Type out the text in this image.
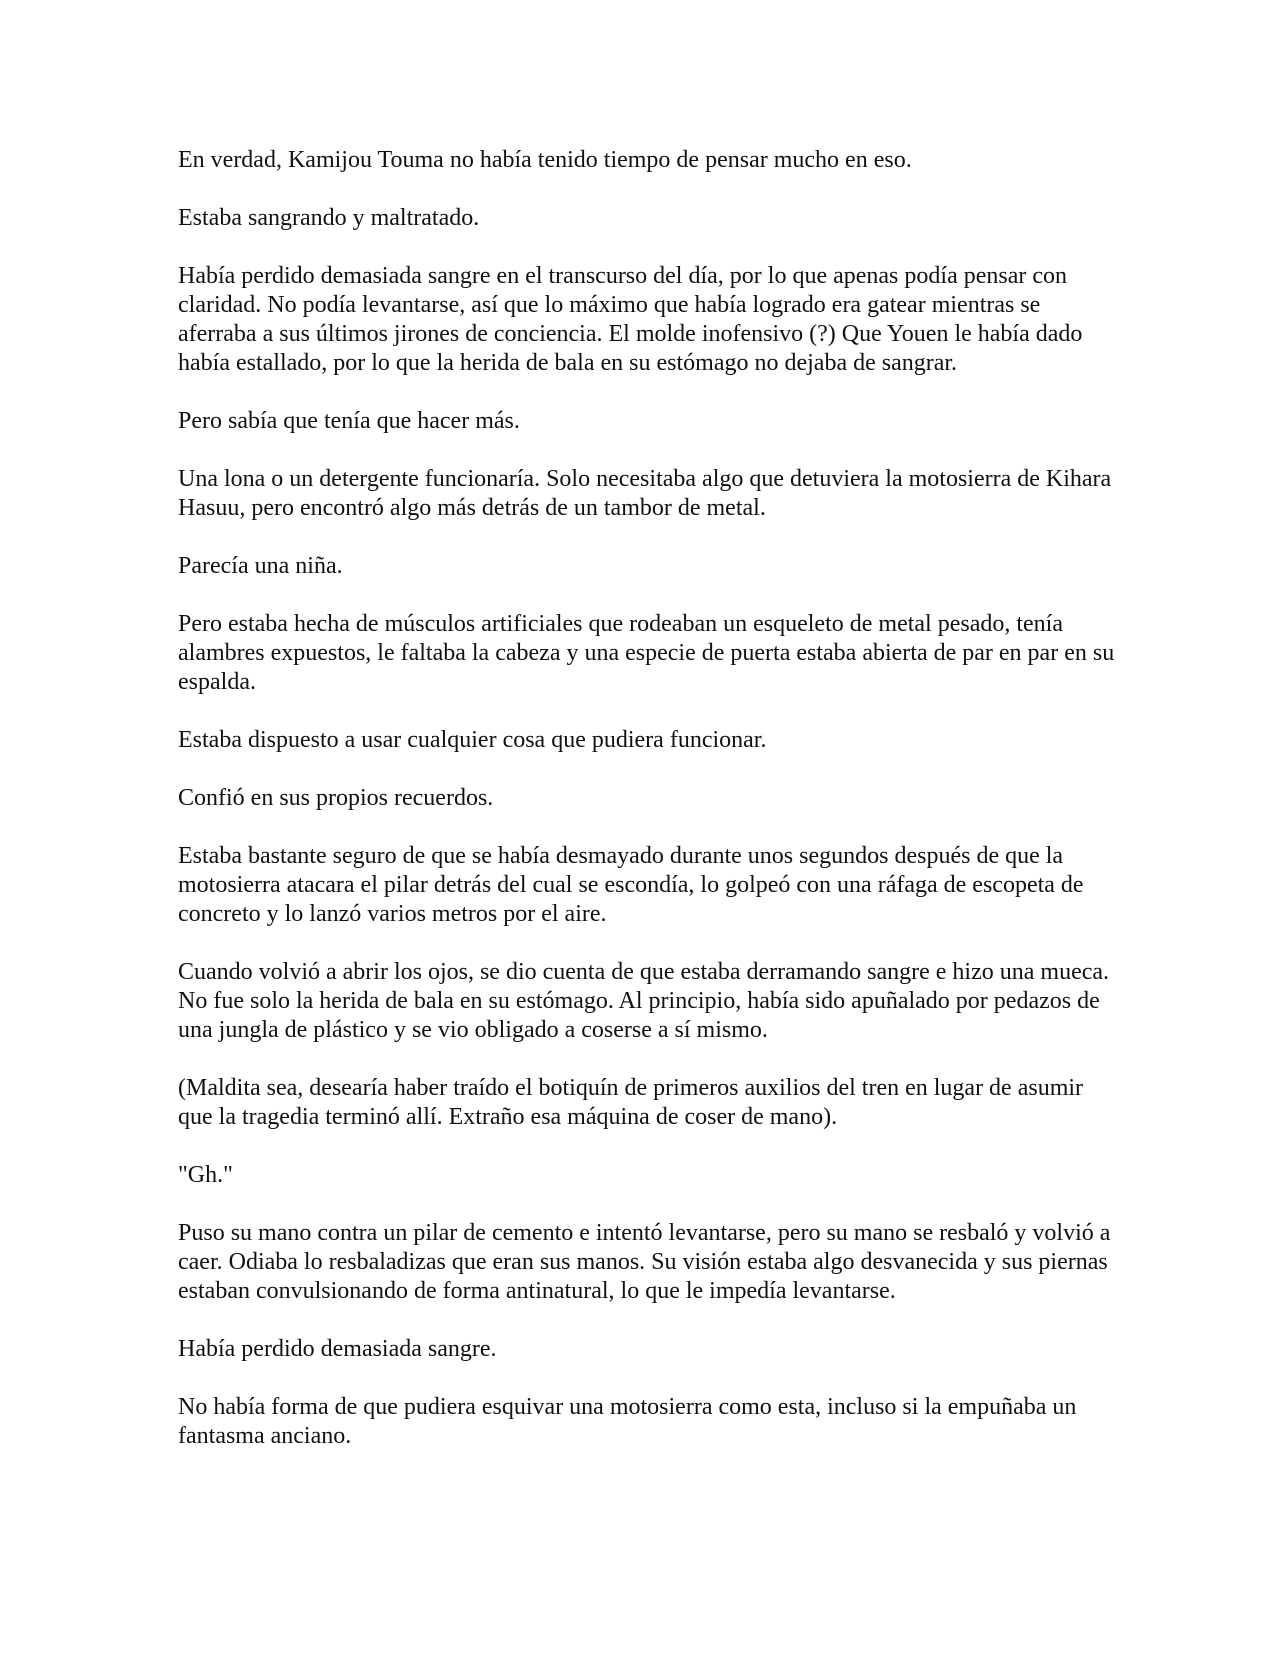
En verdad, Kamijou Touma no había tenido tiempo de pensar mucho en eso.

Estaba sangrando y maltratado.

Había perdido demasiada sangre en el transcurso del día, por lo que apenas podía pensar con claridad. No podía levantarse, así que lo máximo que había logrado era gatear mientras se aferraba a sus últimos jirones de conciencia. El molde inofensivo (?) Que Youen le había dado había estallado, por lo que la herida de bala en su estómago no dejaba de sangrar.

Pero sabía que tenía que hacer más.

Una lona o un detergente funcionaría. Solo necesitaba algo que detuviera la motosierra de Kihara Hasuu, pero encontró algo más detrás de un tambor de metal.

Parecía una niña.

Pero estaba hecha de músculos artificiales que rodeaban un esqueleto de metal pesado, tenía alambres expuestos, le faltaba la cabeza y una especie de puerta estaba abierta de par en par en su espalda.

Estaba dispuesto a usar cualquier cosa que pudiera funcionar.

Confió en sus propios recuerdos.

Estaba bastante seguro de que se había desmayado durante unos segundos después de que la motosierra atacara el pilar detrás del cual se escondía, lo golpeó con una ráfaga de escopeta de concreto y lo lanzó varios metros por el aire.

Cuando volvió a abrir los ojos, se dio cuenta de que estaba derramando sangre e hizo una mueca. No fue solo la herida de bala en su estómago. Al principio, había sido apuñalado por pedazos de una jungla de plástico y se vio obligado a coserse a sí mismo.

(Maldita sea, desearía haber traído el botiquín de primeros auxilios del tren en lugar de asumir que la tragedia terminó allí. Extraño esa máquina de coser de mano).

"Gh."

Puso su mano contra un pilar de cemento e intentó levantarse, pero su mano se resbaló y volvió a caer. Odiaba lo resbaladizas que eran sus manos. Su visión estaba algo desvanecida y sus piernas estaban convulsionando de forma antinatural, lo que le impedía levantarse.

Había perdido demasiada sangre.

No había forma de que pudiera esquivar una motosierra como esta, incluso si la empuñaba un fantasma anciano.
